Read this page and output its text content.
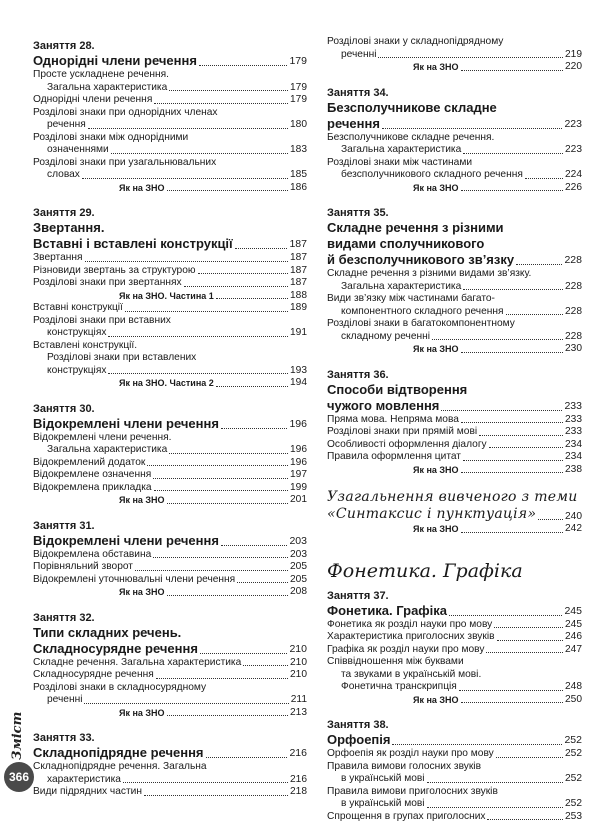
Заняття 28.
Однорідні члени речення	179
Просте ускладнене речення.
Загальна характеристика	179
Однорідні члени речення	179
Розділові знаки при однорідних членах
речення	180
Розділові знаки між однорідними
означеннями	183
Розділові знаки при узагальнювальних
словах	185
Як на ЗНО	186
Заняття 29.
Звертання.
Вставні і вставлені конструкції	187
Звертання	187
Різновиди звертань за структурою	187
Розділові знаки при звертаннях	187
Як на ЗНО. Частина 1	188
Вставні конструкції	189
Розділові знаки при вставних
конструкціях	191
Вставлені конструкції.
Розділові знаки при вставлених
конструкціях	193
Як на ЗНО. Частина 2	194
Заняття 30.
Відокремлені члени речення	196
Відокремлені члени речення.
Загальна характеристика	196
Відокремлений додаток	196
Відокремлене означення	197
Відокремлена прикладка	199
Як на ЗНО	201
Заняття 31.
Відокремлені члени речення	203
Відокремлена обставина	203
Порівняльний зворот	205
Відокремлені уточнювальні члени речення	205
Як на ЗНО	208
Заняття 32.
Типи складних речень.
Складносурядне речення	210
Складне речення. Загальна характеристика	210
Складносурядне речення	210
Розділові знаки в складносурядному
реченні	211
Як на ЗНО	213
Заняття 33.
Складнопідрядне речення	216
Складнопідрядне речення. Загальна
характеристика	216
Види підрядних частин	218
Розділові знаки у складнопідрядному
реченні	219
Як на ЗНО	220
Заняття 34.
Безсполучникове складне
речення	223
Безсполучникове складне речення.
Загальна характеристика	223
Розділові знаки між частинами
безсполучникового складного речення	224
Як на ЗНО	226
Заняття 35.
Складне речення з різними
видами сполучникового
й безсполучникового зв’язку	228
Складне речення з різними видами зв’язку.
Загальна характеристика	228
Види зв’язку між частинами багато-
компонентного складного речення	228
Розділові знаки в багатокомпонентному
складному реченні	228
Як на ЗНО	230
Заняття 36.
Способи відтворення
чужого мовлення	233
Пряма мова. Непряма мова	233
Розділові знаки при прямій мові	233
Особливості оформлення діалогу	234
Правила оформлення цитат	234
Як на ЗНО	238
Узагальнення вивченого з теми
«Синтаксис і пунктуація»	240
Як на ЗНО	242
Фонетика. Графіка
Заняття 37.
Фонетика. Графіка	245
Фонетика як розділ науки про мову	245
Характеристика приголосних звуків	246
Графіка як розділ науки про мову	247
Співвідношення між буквами
та звуками в українській мові.
Фонетична транскрипція	248
Як на ЗНО	250
Заняття 38.
Орфоепія	252
Орфоепія як розділ науки про мову	252
Правила вимови голосних звуків
в українській мові	252
Правила вимови приголосних звуків
в українській мові	252
Спрощення в групах приголосних	253
Зміст
366
